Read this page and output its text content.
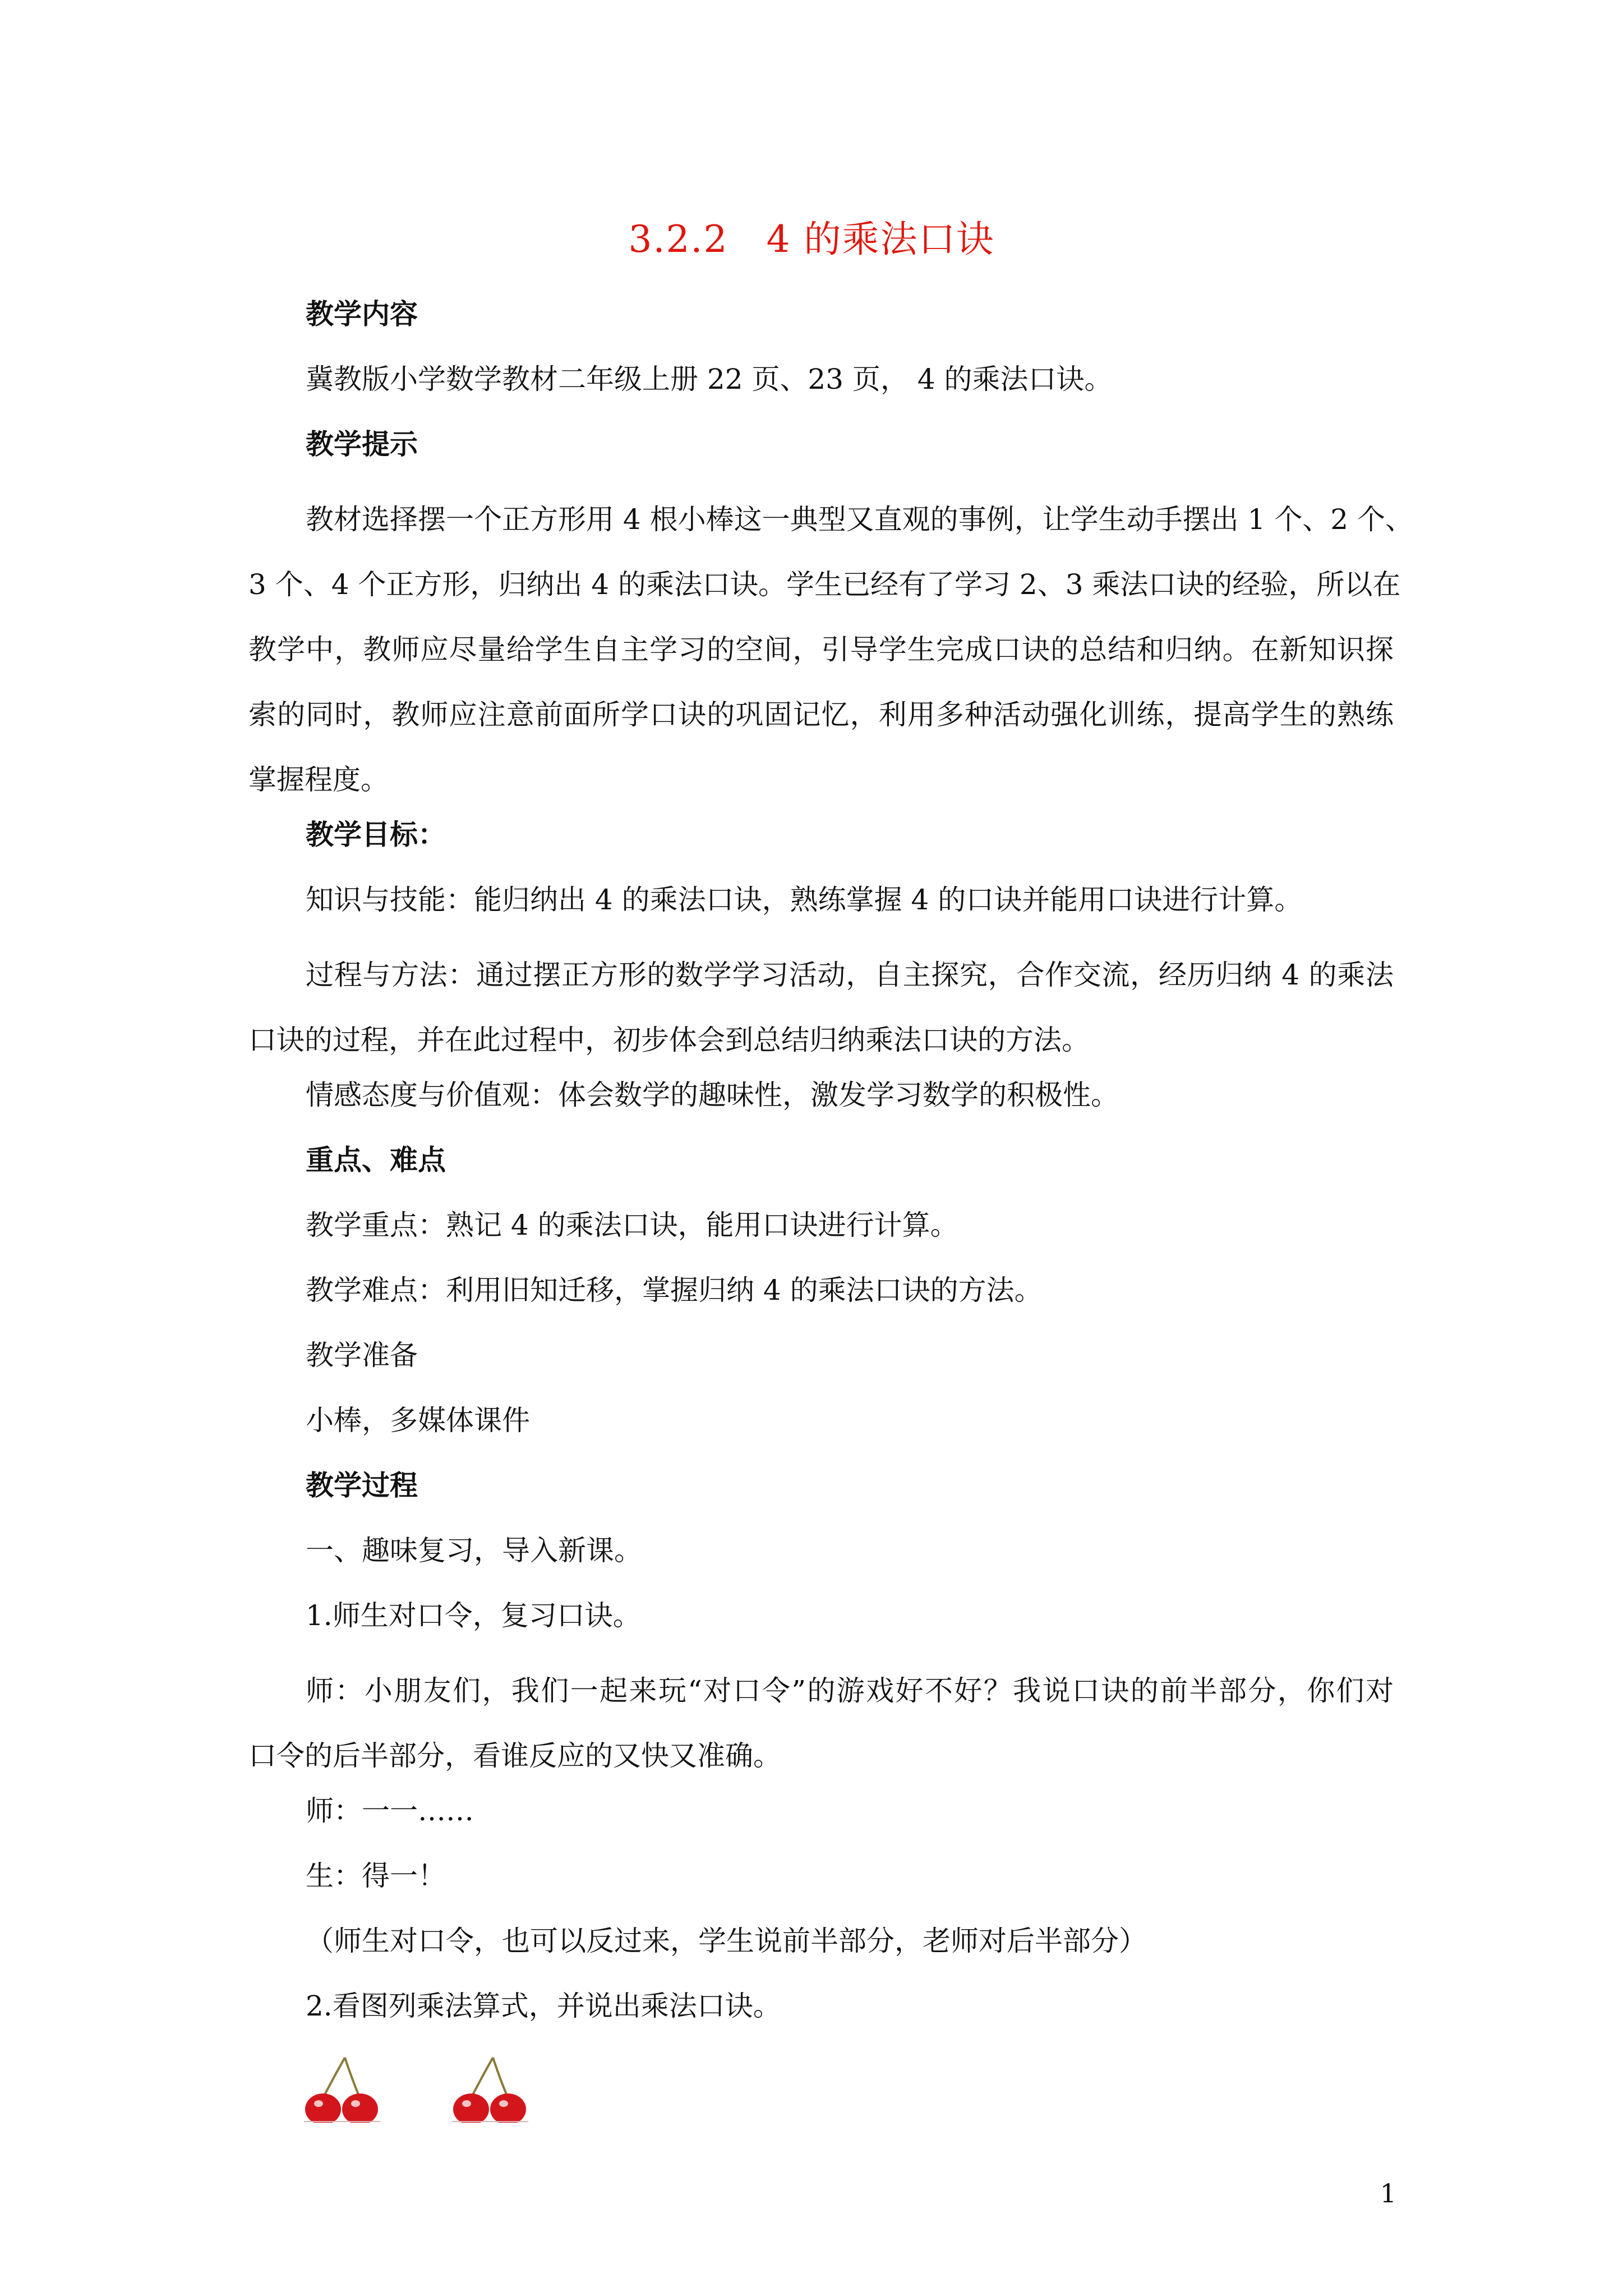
3.2.2　4 的乘法口诀
教学内容
冀教版小学数学教材二年级上册 22 页、23 页， 4 的乘法口诀。
教学提示
教材选择摆一个正方形用 4 根小棒这一典型又直观的事例，让学生动手摆出 1 个、2 个、
3 个、4 个正方形，归纳出 4 的乘法口诀。学生已经有了学习 2、3 乘法口诀的经验，所以在
教学中，教师应尽量给学生自主学习的空间，引导学生完成口诀的总结和归纳。在新知识探
索的同时，教师应注意前面所学口诀的巩固记忆，利用多种活动强化训练，提高学生的熟练
掌握程度。
教学目标：
知识与技能：能归纳出 4 的乘法口诀，熟练掌握 4 的口诀并能用口诀进行计算。
过程与方法：通过摆正方形的数学学习活动，自主探究，合作交流，经历归纳 4 的乘法
口诀的过程，并在此过程中，初步体会到总结归纳乘法口诀的方法。
情感态度与价值观：体会数学的趣味性，激发学习数学的积极性。
重点、难点
教学重点：熟记 4 的乘法口诀，能用口诀进行计算。
教学难点：利用旧知迁移，掌握归纳 4 的乘法口诀的方法。
教学准备
小棒，多媒体课件
教学过程
一、趣味复习，导入新课。
1.师生对口令，复习口诀。
师：小朋友们，我们一起来玩“对口令”的游戏好不好？我说口诀的前半部分，你们对
口令的后半部分，看谁反应的又快又准确。
师：一一……
生：得一！
（师生对口令，也可以反过来，学生说前半部分，老师对后半部分）
2.看图列乘法算式，并说出乘法口诀。
1
